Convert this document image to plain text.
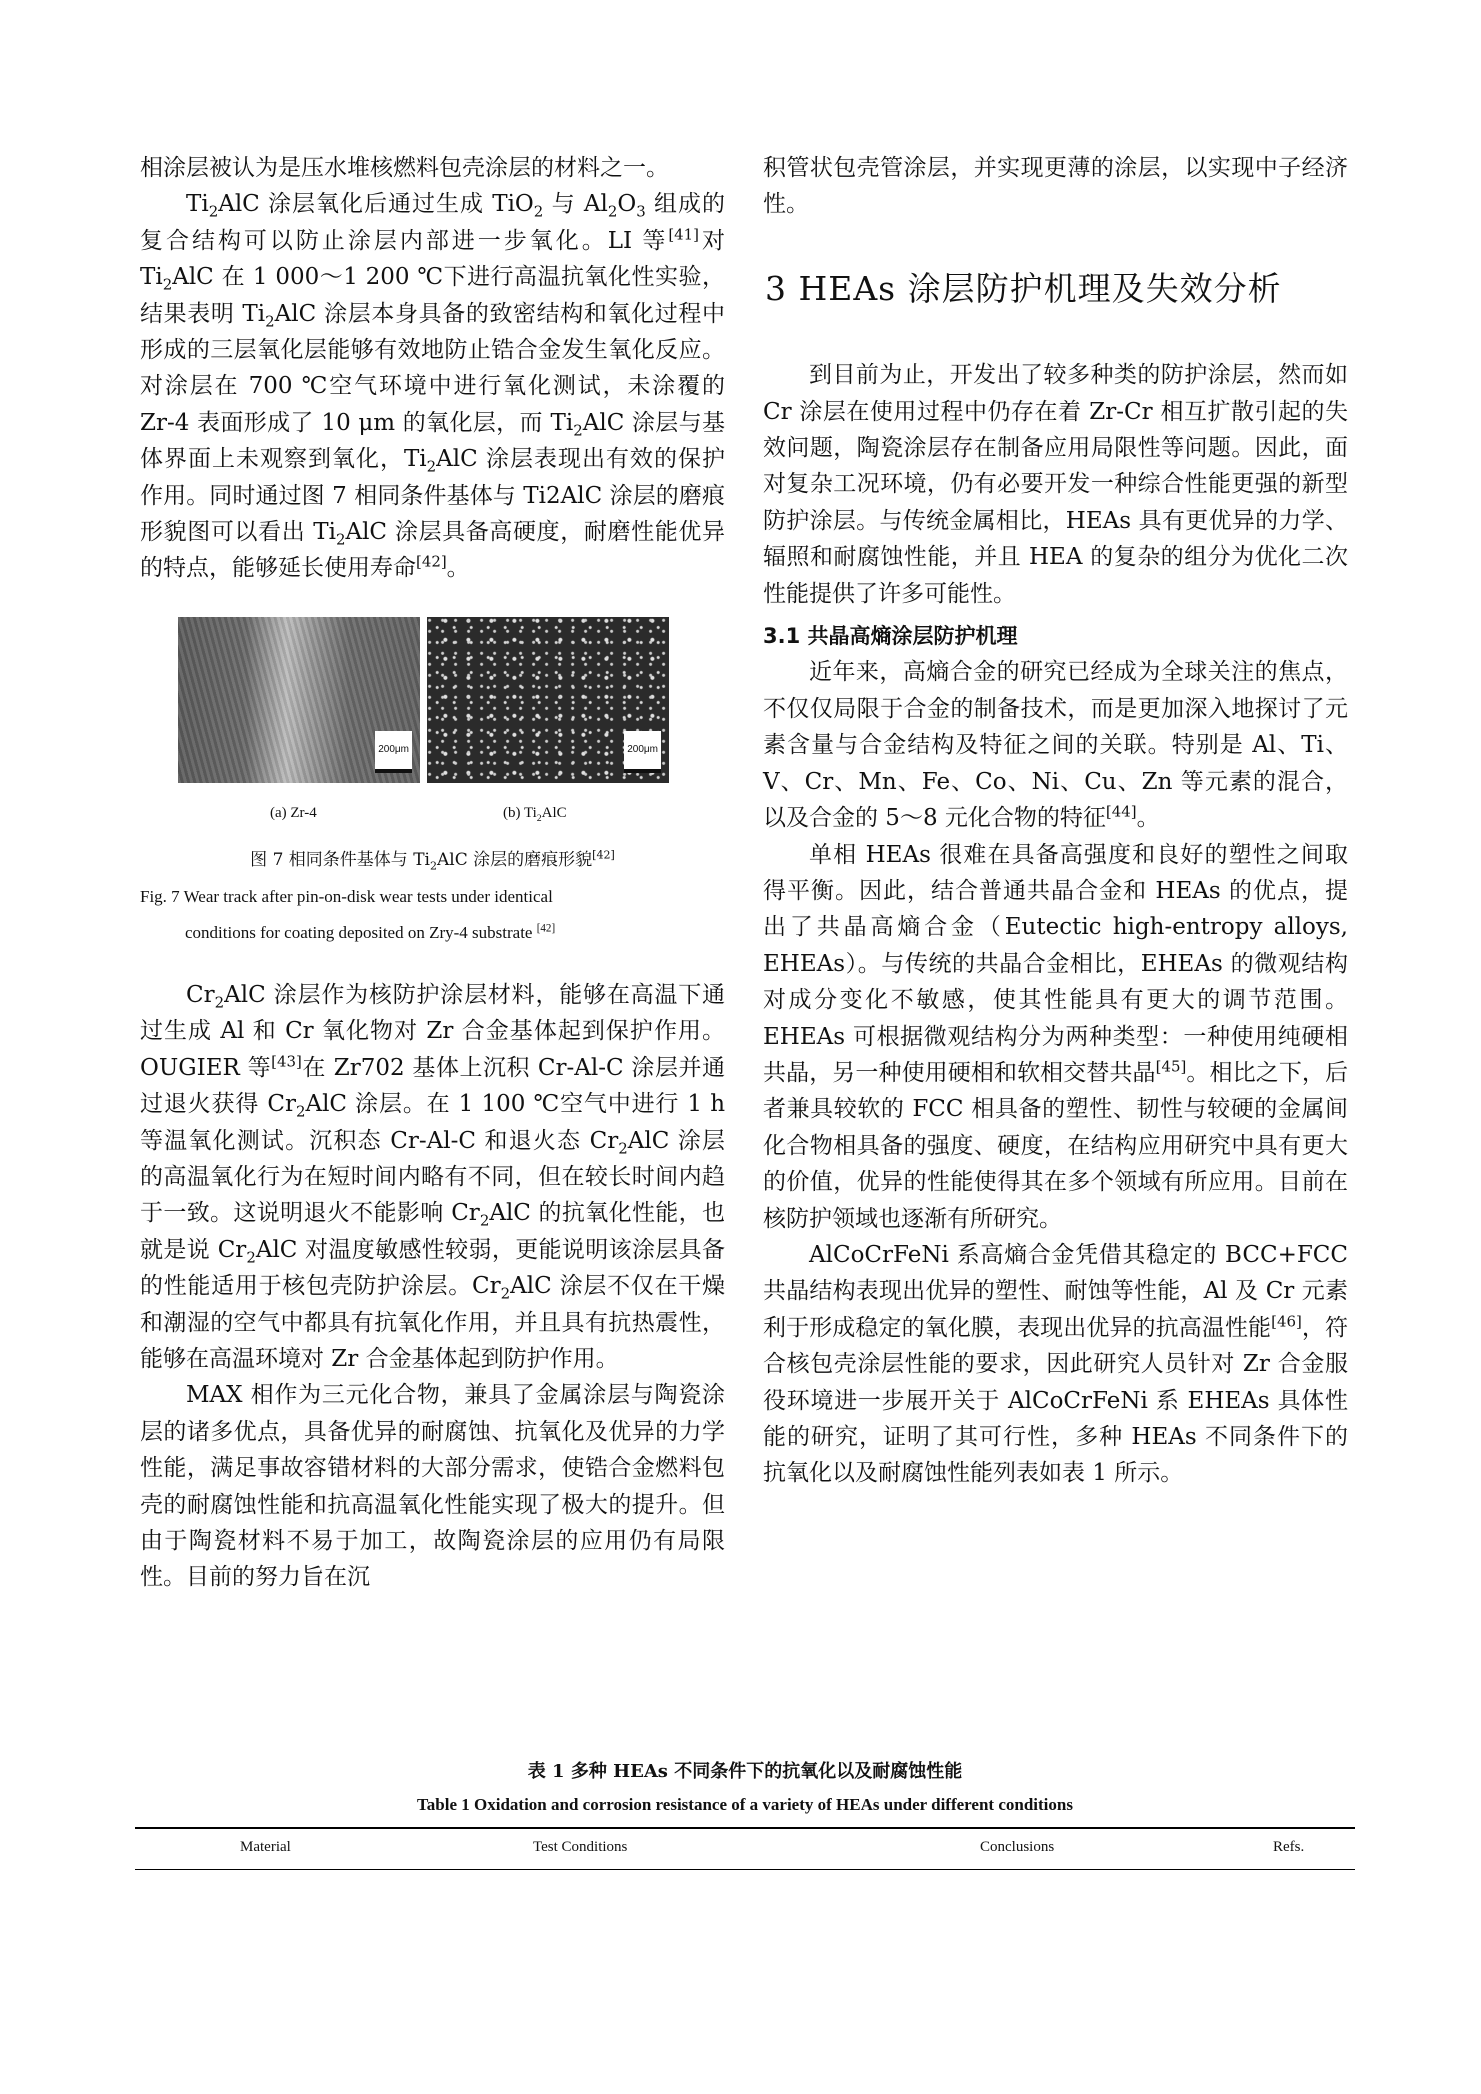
相涂层被认为是压水堆核燃料包壳涂层的材料之一。

$Ti_2AlC$ 涂层氧化后通过生成 TiO$_2$ 与 $Al_2O_3$ 组成的复合结构可以防止涂层内部进一步氧化。LI 等[41]对 $Ti_2AlC$ 在 1 000～1 200 ℃下进行高温抗氧化性实验，结果表明 $Ti_2AlC$ 涂层本身具备的致密结构和氧化过程中形成的三层氧化层能够有效地防止锆合金发生氧化反应。对涂层在 700 ℃空气环境中进行氧化测试，未涂覆的 Zr-4 表面形成了 10 μm 的氧化层，而 $Ti_2AlC$ 涂层与基体界面上未观察到氧化，$Ti_2AlC$ 涂层表现出有效的保护作用。同时通过图 7 相同条件基体与 Ti2AlC 涂层的磨痕形貌图可以看出 $Ti_2AlC$ 涂层具备高硬度，耐磨性能优异的特点，能够延长使用寿命[42]。

200μm	200μm
(a) Zr-4	(b) $Ti_2AlC$
图 7 相同条件基体与 $Ti_2AlC$ 涂层的磨痕形貌[42]
Fig. 7 Wear track after pin-on-disk wear tests under identical
conditions for coating deposited on Zry-4 substrate [42]

$Cr_2AlC$ 涂层作为核防护涂层材料，能够在高温下通过生成 Al 和 Cr 氧化物对 Zr 合金基体起到保护作用。OUGIER 等[43]在 Zr702 基体上沉积 Cr-Al-C 涂层并通过退火获得 $Cr_2AlC$ 涂层。在 1 100 ℃空气中进行 1 h 等温氧化测试。沉积态 Cr-Al-C 和退火态 $Cr_2AlC$ 涂层的高温氧化行为在短时间内略有不同，但在较长时间内趋于一致。这说明退火不能影响 $Cr_2AlC$ 的抗氧化性能，也就是说 $Cr_2AlC$ 对温度敏感性较弱，更能说明该涂层具备的性能适用于核包壳防护涂层。$Cr_2AlC$ 涂层不仅在干燥和潮湿的空气中都具有抗氧化作用，并且具有抗热震性，能够在高温环境对 Zr 合金基体起到防护作用。

MAX 相作为三元化合物，兼具了金属涂层与陶瓷涂层的诸多优点，具备优异的耐腐蚀、抗氧化及优异的力学性能，满足事故容错材料的大部分需求，使锆合金燃料包壳的耐腐蚀性能和抗高温氧化性能实现了极大的提升。但由于陶瓷材料不易于加工，故陶瓷涂层的应用仍有局限性。目前的努力旨在沉

积管状包壳管涂层，并实现更薄的涂层，以实现中子经济性。

3 HEAs 涂层防护机理及失效分析

到目前为止，开发出了较多种类的防护涂层，然而如 Cr 涂层在使用过程中仍存在着 Zr-Cr 相互扩散引起的失效问题，陶瓷涂层存在制备应用局限性等问题。因此，面对复杂工况环境，仍有必要开发一种综合性能更强的新型防护涂层。与传统金属相比，HEAs 具有更优异的力学、辐照和耐腐蚀性能，并且 HEA 的复杂的组分为优化二次性能提供了许多可能性。

3.1 共晶高熵涂层防护机理

近年来，高熵合金的研究已经成为全球关注的焦点，不仅仅局限于合金的制备技术，而是更加深入地探讨了元素含量与合金结构及特征之间的关联。特别是 Al、Ti、V、Cr、Mn、Fe、Co、Ni、Cu、Zn 等元素的混合，以及合金的 5～8 元化合物的特征[44]。

单相 HEAs 很难在具备高强度和良好的塑性之间取得平衡。因此，结合普通共晶合金和 HEAs 的优点，提出了共晶高熵合金（Eutectic high-entropy alloys, EHEAs）。与传统的共晶合金相比，EHEAs 的微观结构对成分变化不敏感，使其性能具有更大的调节范围。EHEAs 可根据微观结构分为两种类型：一种使用纯硬相共晶，另一种使用硬相和软相交替共晶[45]。相比之下，后者兼具较软的 FCC 相具备的塑性、韧性与较硬的金属间化合物相具备的强度、硬度，在结构应用研究中具有更大的价值，优异的性能使得其在多个领域有所应用。目前在核防护领域也逐渐有所研究。

AlCoCrFeNi 系高熵合金凭借其稳定的 BCC+FCC 共晶结构表现出优异的塑性、耐蚀等性能，Al 及 Cr 元素利于形成稳定的氧化膜，表现出优异的抗高温性能[46]，符合核包壳涂层性能的要求，因此研究人员针对 Zr 合金服役环境进一步展开关于 AlCoCrFeNi 系 EHEAs 具体性能的研究，证明了其可行性，多种 HEAs 不同条件下的抗氧化以及耐腐蚀性能列表如表 1 所示。

表 1 多种 HEAs 不同条件下的抗氧化以及耐腐蚀性能
Table 1 Oxidation and corrosion resistance of a variety of HEAs under different conditions
Material	Test Conditions	Conclusions	Refs.
